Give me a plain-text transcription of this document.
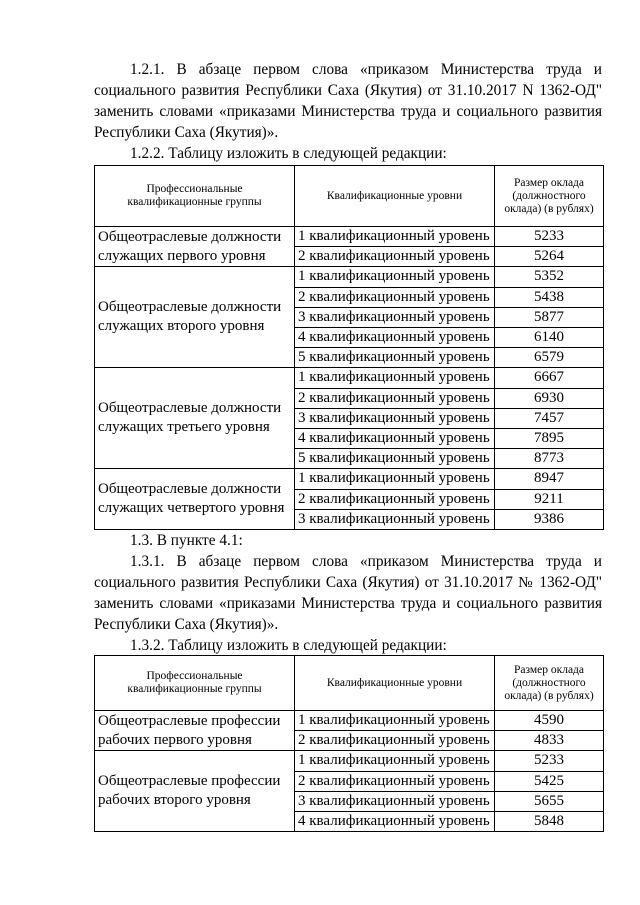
1.2.1. В абзаце первом слова «приказом Министерства труда и социального развития Республики Саха (Якутия) от 31.10.2017 N 1362-ОД" заменить словами «приказами Министерства труда и социального развития Республики Саха (Якутия)».

1.2.2. Таблицу изложить в следующей редакции:

Профессиональные квалификационные группы	Квалификационные уровни	Размер оклада (должностного оклада) (в рублях)
Общеотраслевые должности служащих первого уровня	1 квалификационный уровень	5233
	2 квалификационный уровень	5264
Общеотраслевые должности служащих второго уровня	1 квалификационный уровень	5352
	2 квалификационный уровень	5438
	3 квалификационный уровень	5877
	4 квалификационный уровень	6140
	5 квалификационный уровень	6579
Общеотраслевые должности служащих третьего уровня	1 квалификационный уровень	6667
	2 квалификационный уровень	6930
	3 квалификационный уровень	7457
	4 квалификационный уровень	7895
	5 квалификационный уровень	8773
Общеотраслевые должности служащих четвертого уровня	1 квалификационный уровень	8947
	2 квалификационный уровень	9211
	3 квалификационный уровень	9386

1.3. В пункте 4.1:

1.3.1. В абзаце первом слова «приказом Министерства труда и социального развития Республики Саха (Якутия) от 31.10.2017 № 1362-ОД" заменить словами «приказами Министерства труда и социального развития Республики Саха (Якутия)».

1.3.2. Таблицу изложить в следующей редакции:

Профессиональные квалификационные группы	Квалификационные уровни	Размер оклада (должностного оклада) (в рублях)
Общеотраслевые профессии рабочих первого уровня	1 квалификационный уровень	4590
	2 квалификационный уровень	4833
Общеотраслевые профессии рабочих второго уровня	1 квалификационный уровень	5233
	2 квалификационный уровень	5425
	3 квалификационный уровень	5655
	4 квалификационный уровень	5848
